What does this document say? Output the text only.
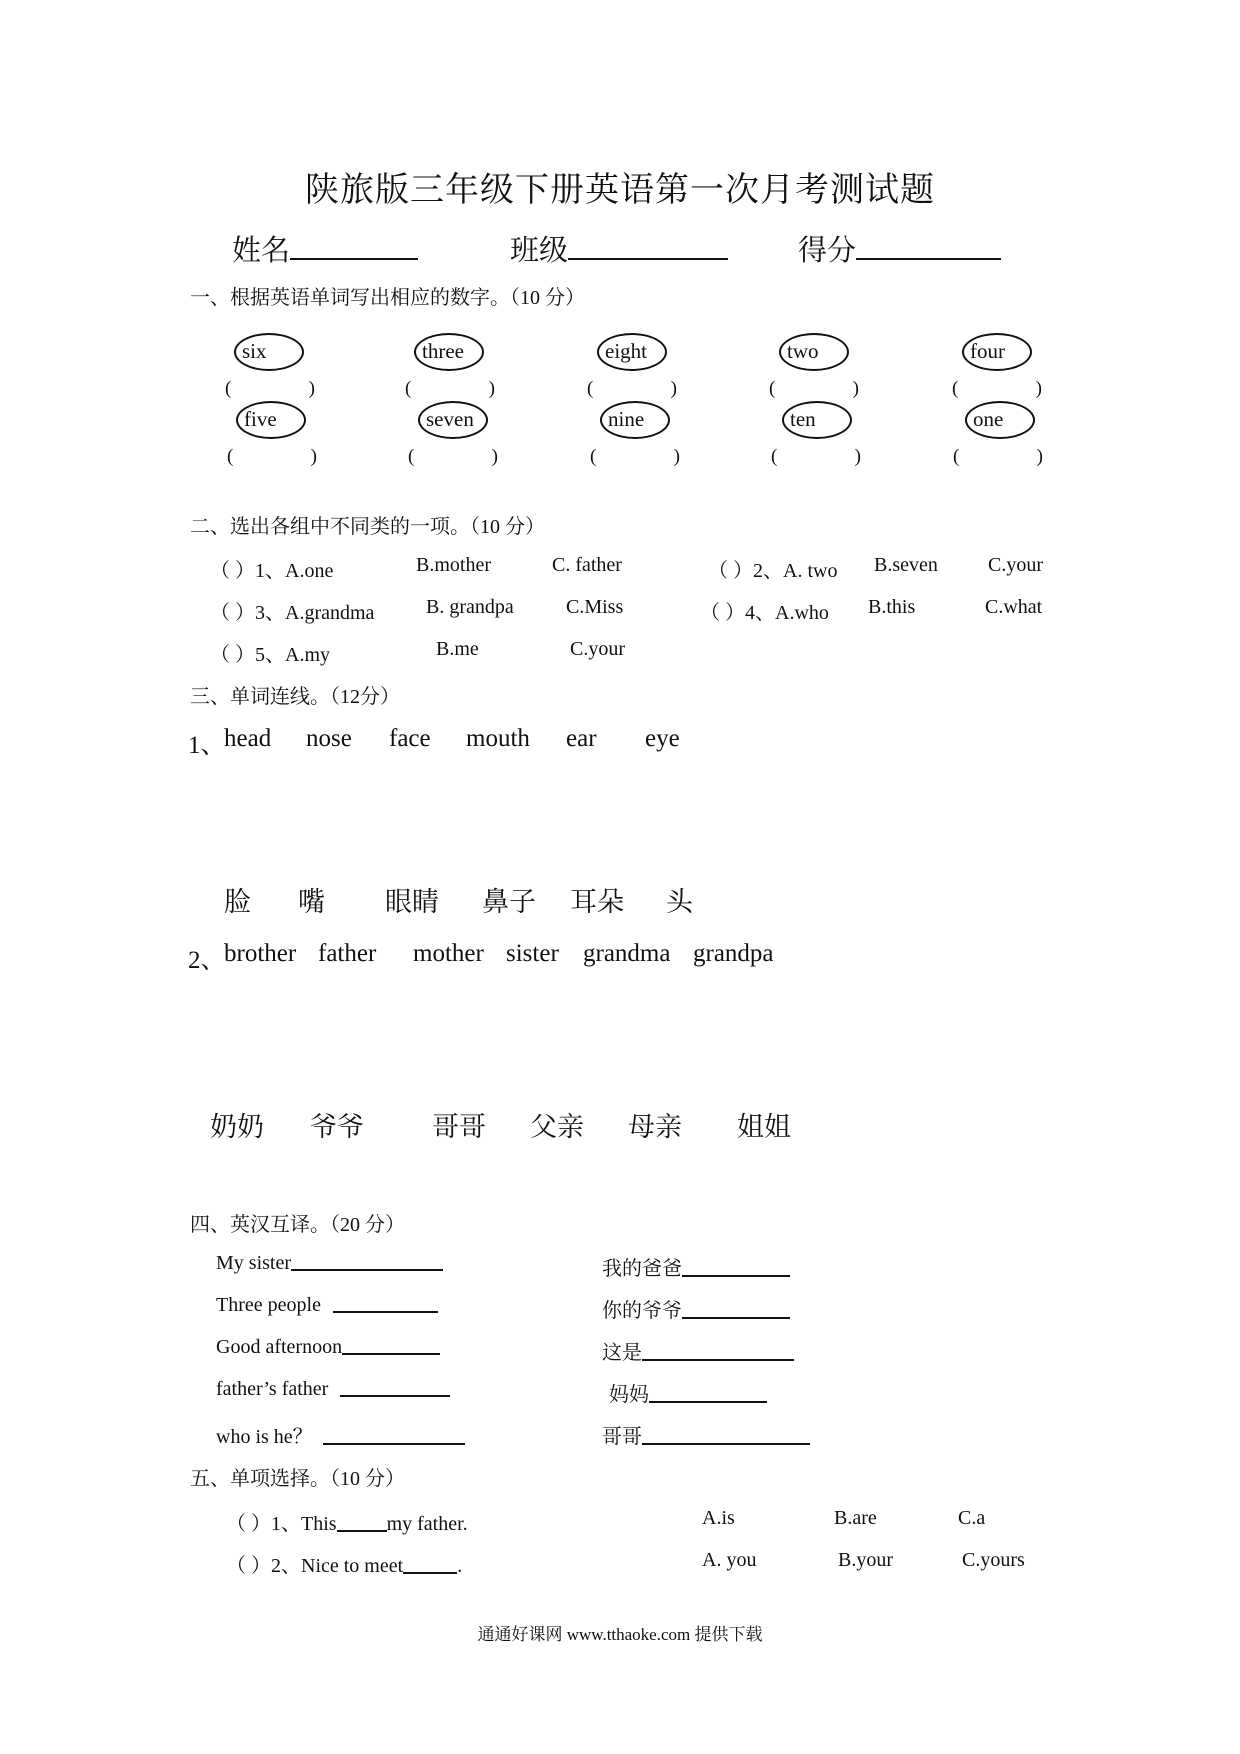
陕旅版三年级下册英语第一次月考测试题
姓名	班级	得分
一、根据英语单词写出相应的数字。（10 分）
six	three	eight	two	four
(	)	(	)	(	)	(	)	(	)
five	seven	nine	ten	one
(	)	(	)	(	)	(	)	(	)
二、选出各组中不同类的一项。（10 分）
（ ）1、A.one	B.mother	C. father	（ ）2、A. two B.seven	C.your
（ ）3、A.grandma	B. grandpa	C.Miss	（ ）4、A.who B.this	C.what
（ ）5、A.my	B.me	C.your
三、单词连线。（12分）
1、
head nose face mouth ear eye
脸 嘴 眼睛 鼻子 耳朵 头
2、
brother father mother sister grandma grandpa
奶奶 爷爷	哥哥 父亲 母亲 姐姐
四、英汉互译。（20 分）
My sister
Three people
Good afternoon
father’s father
who is he？
我的爸爸
你的爷爷
这是
妈妈
哥哥
五、单项选择。（10 分）
（ ）1、This	my father.	A.is	B.are	C.a
（ ）2、Nice to meet	.	A. you	B.your	C.yours
通通好课网 www.tthaoke.com 提供下载
